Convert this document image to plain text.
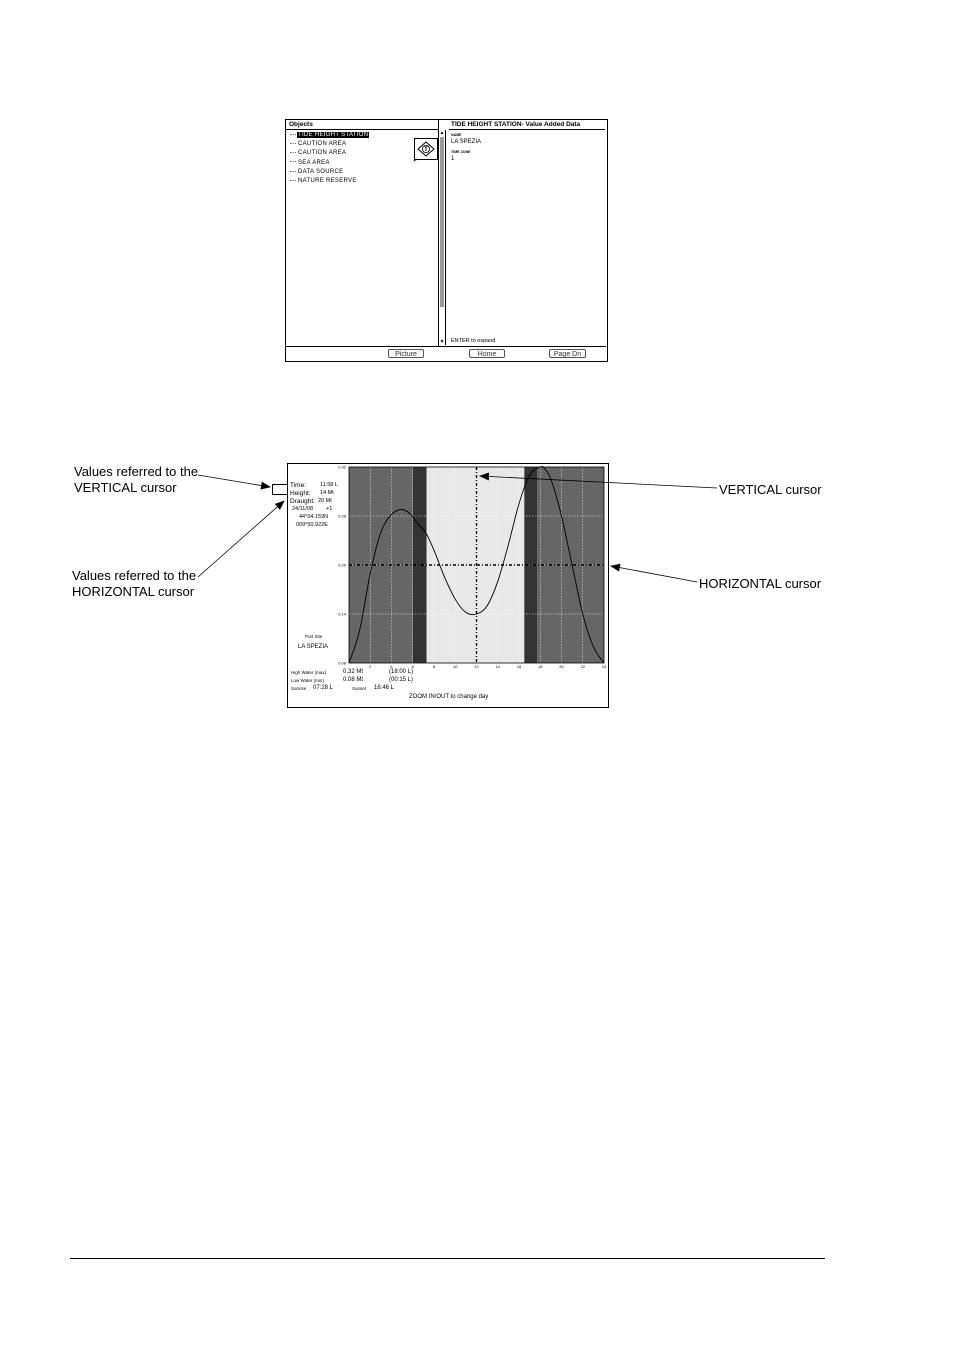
Objects
TIDE HEIGHT STATION
CAUTION AREA
CAUTION AREA
SEA AREA
DATA SOURCE
NATURE RESERVE
T
+
▲
▼
TIDE HEIGHT STATION- Value Added Data
NAME
LA SPEZIA
TIME ZONE
1
ENTER to expand
Picture	Home	Page Dn
Time:	11:58 L
Height: 14 Mt
Draught: 20 Mt
24/11/08 +1
44°04.159N
009°50.922E
Port Site
LA SPEZIA
0.32
0.26
0.20
0.14
0.08
2	4	6	8	10	12	14	16	18	20	22	24
High Water (max)	0.32 Mt	(18:00 L)
Low Water (min)	0.08 Mt	(00:15 L)
Sunrise 07:28 L	Sunset 16:46 L
ZOOM IN/OUT to change day
Values referred to the
VERTICAL cursor
Values referred to the
HORIZONTAL cursor
VERTICAL cursor
HORIZONTAL cursor
